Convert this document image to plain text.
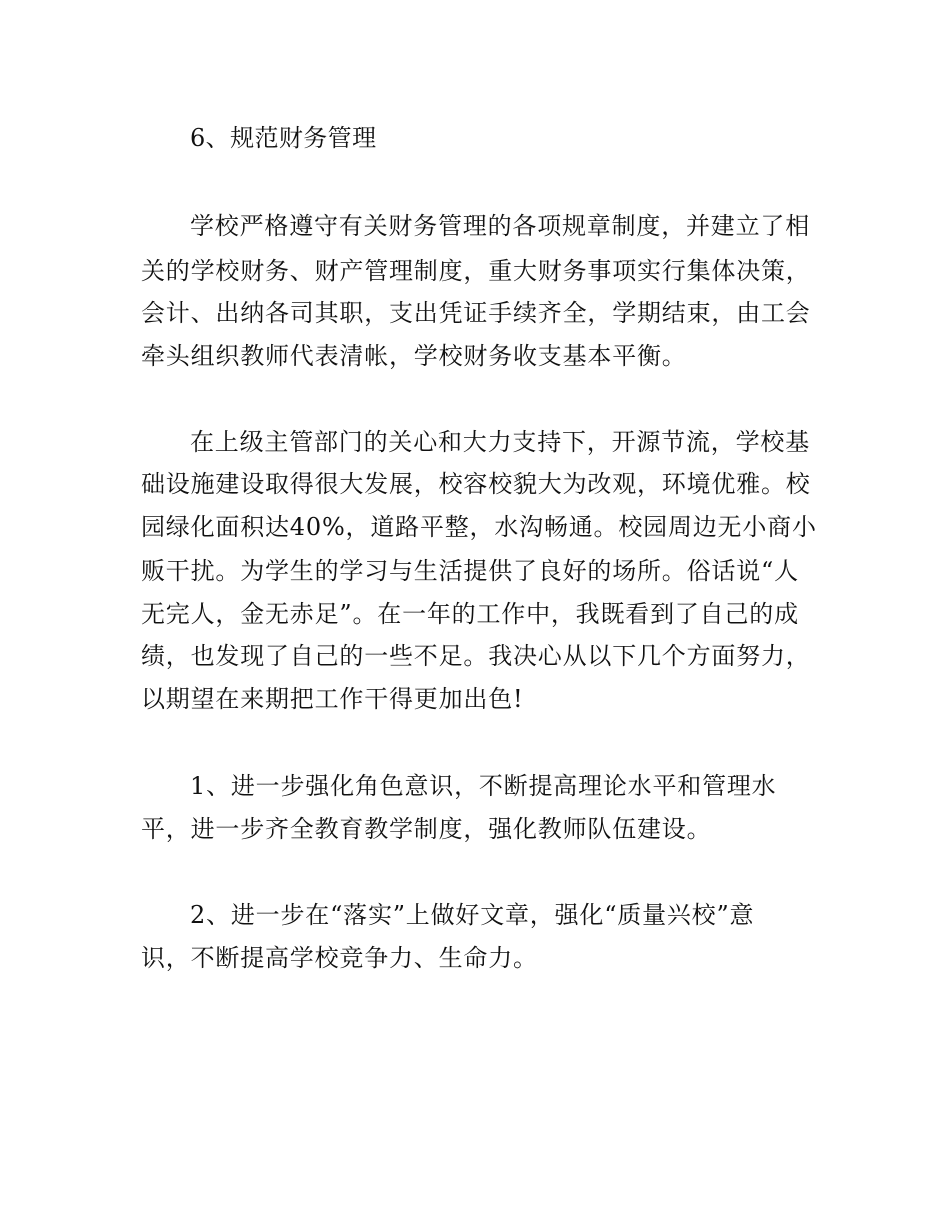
6、规范财务管理

学校严格遵守有关财务管理的各项规章制度，并建立了相

关的学校财务、财产管理制度，重大财务事项实行集体决策，

会计、出纳各司其职，支出凭证手续齐全，学期结束，由工会

牵头组织教师代表清帐，学校财务收支基本平衡。

在上级主管部门的关心和大力支持下，开源节流，学校基

础设施建设取得很大发展，校容校貌大为改观，环境优雅。校

园绿化面积达40%，道路平整，水沟畅通。校园周边无小商小

贩干扰。为学生的学习与生活提供了良好的场所。俗话说“人

无完人，金无赤足”。在一年的工作中，我既看到了自己的成

绩，也发现了自己的一些不足。我决心从以下几个方面努力，

以期望在来期把工作干得更加出色!

1、进一步强化角色意识，不断提高理论水平和管理水

平，进一步齐全教育教学制度，强化教师队伍建设。

2、进一步在“落实”上做好文章，强化“质量兴校”意

识，不断提高学校竞争力、生命力。
